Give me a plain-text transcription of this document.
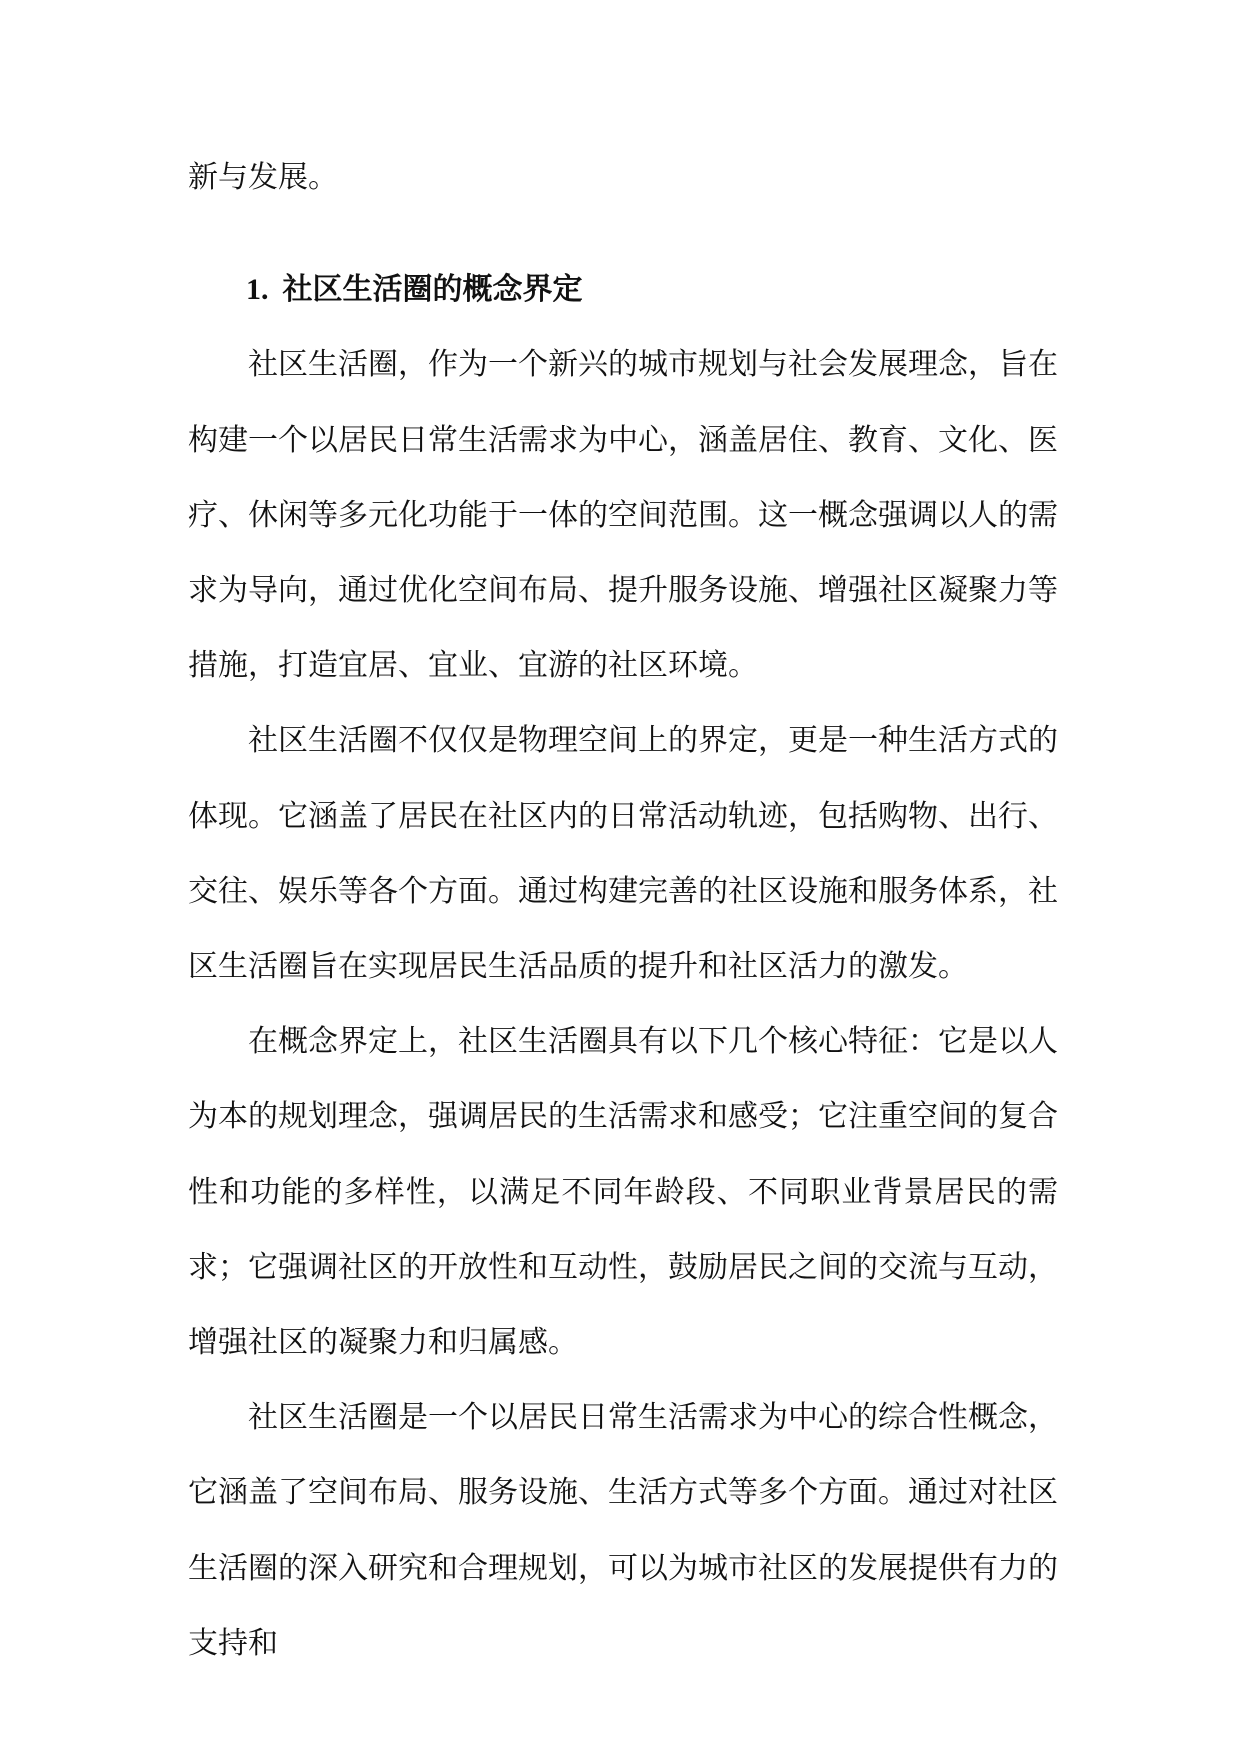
新与发展。

1. 社区生活圈的概念界定

社区生活圈，作为一个新兴的城市规划与社会发展理念，旨在构建一个以居民日常生活需求为中心，涵盖居住、教育、文化、医疗、休闲等多元化功能于一体的空间范围。这一概念强调以人的需求为导向，通过优化空间布局、提升服务设施、增强社区凝聚力等措施，打造宜居、宜业、宜游的社区环境。

社区生活圈不仅仅是物理空间上的界定，更是一种生活方式的体现。它涵盖了居民在社区内的日常活动轨迹，包括购物、出行、交往、娱乐等各个方面。通过构建完善的社区设施和服务体系，社区生活圈旨在实现居民生活品质的提升和社区活力的激发。

在概念界定上，社区生活圈具有以下几个核心特征：它是以人为本的规划理念，强调居民的生活需求和感受；它注重空间的复合性和功能的多样性，以满足不同年龄段、不同职业背景居民的需求；它强调社区的开放性和互动性，鼓励居民之间的交流与互动，增强社区的凝聚力和归属感。

社区生活圈是一个以居民日常生活需求为中心的综合性概念，它涵盖了空间布局、服务设施、生活方式等多个方面。通过对社区生活圈的深入研究和合理规划，可以为城市社区的发展提供有力的支持和
